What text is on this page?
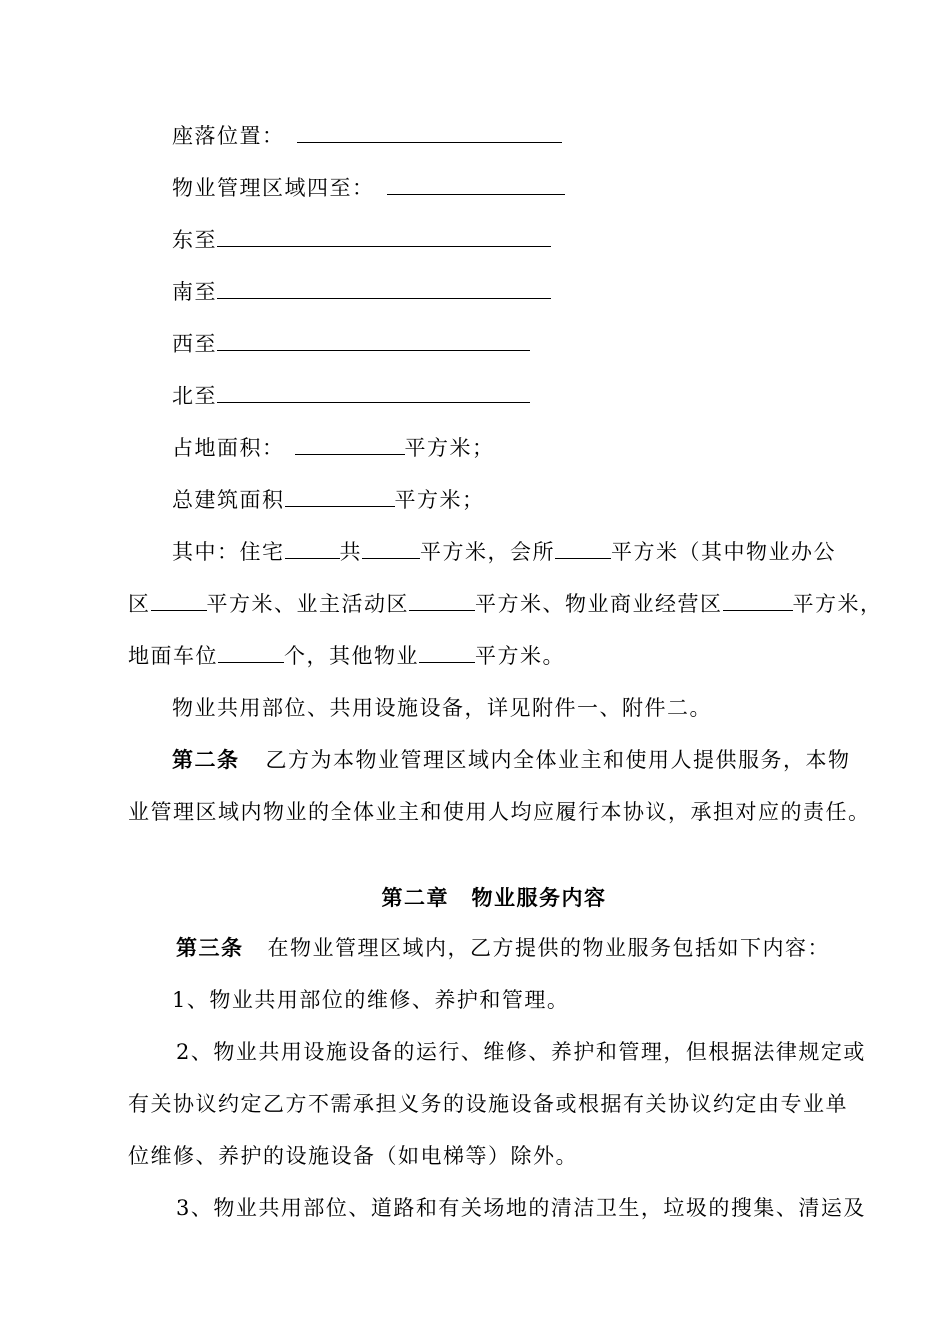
座落位置：
物业管理区域四至：
东至
南至
西至
北至
占地面积：	平方米；
总建筑面积	平方米；
其中：住宅	共	平方米，会所	平方米（其中物业办公
区	平方米、业主活动区	平方米、物业商业经营区	平方米，
地面车位	个，其他物业	平方米。
物业共用部位、共用设施设备，详见附件一、附件二。
第二条 乙方为本物业管理区域内全体业主和使用人提供服务，本物
业管理区域内物业的全体业主和使用人均应履行本协议，承担对应的责任。
第二章　物业服务内容
第三条 在物业管理区域内，乙方提供的物业服务包括如下内容：
1、物业共用部位的维修、养护和管理。
2、物业共用设施设备的运行、维修、养护和管理，但根据法律规定或
有关协议约定乙方不需承担义务的设施设备或根据有关协议约定由专业单
位维修、养护的设施设备（如电梯等）除外。
3、物业共用部位、道路和有关场地的清洁卫生，垃圾的搜集、清运及
